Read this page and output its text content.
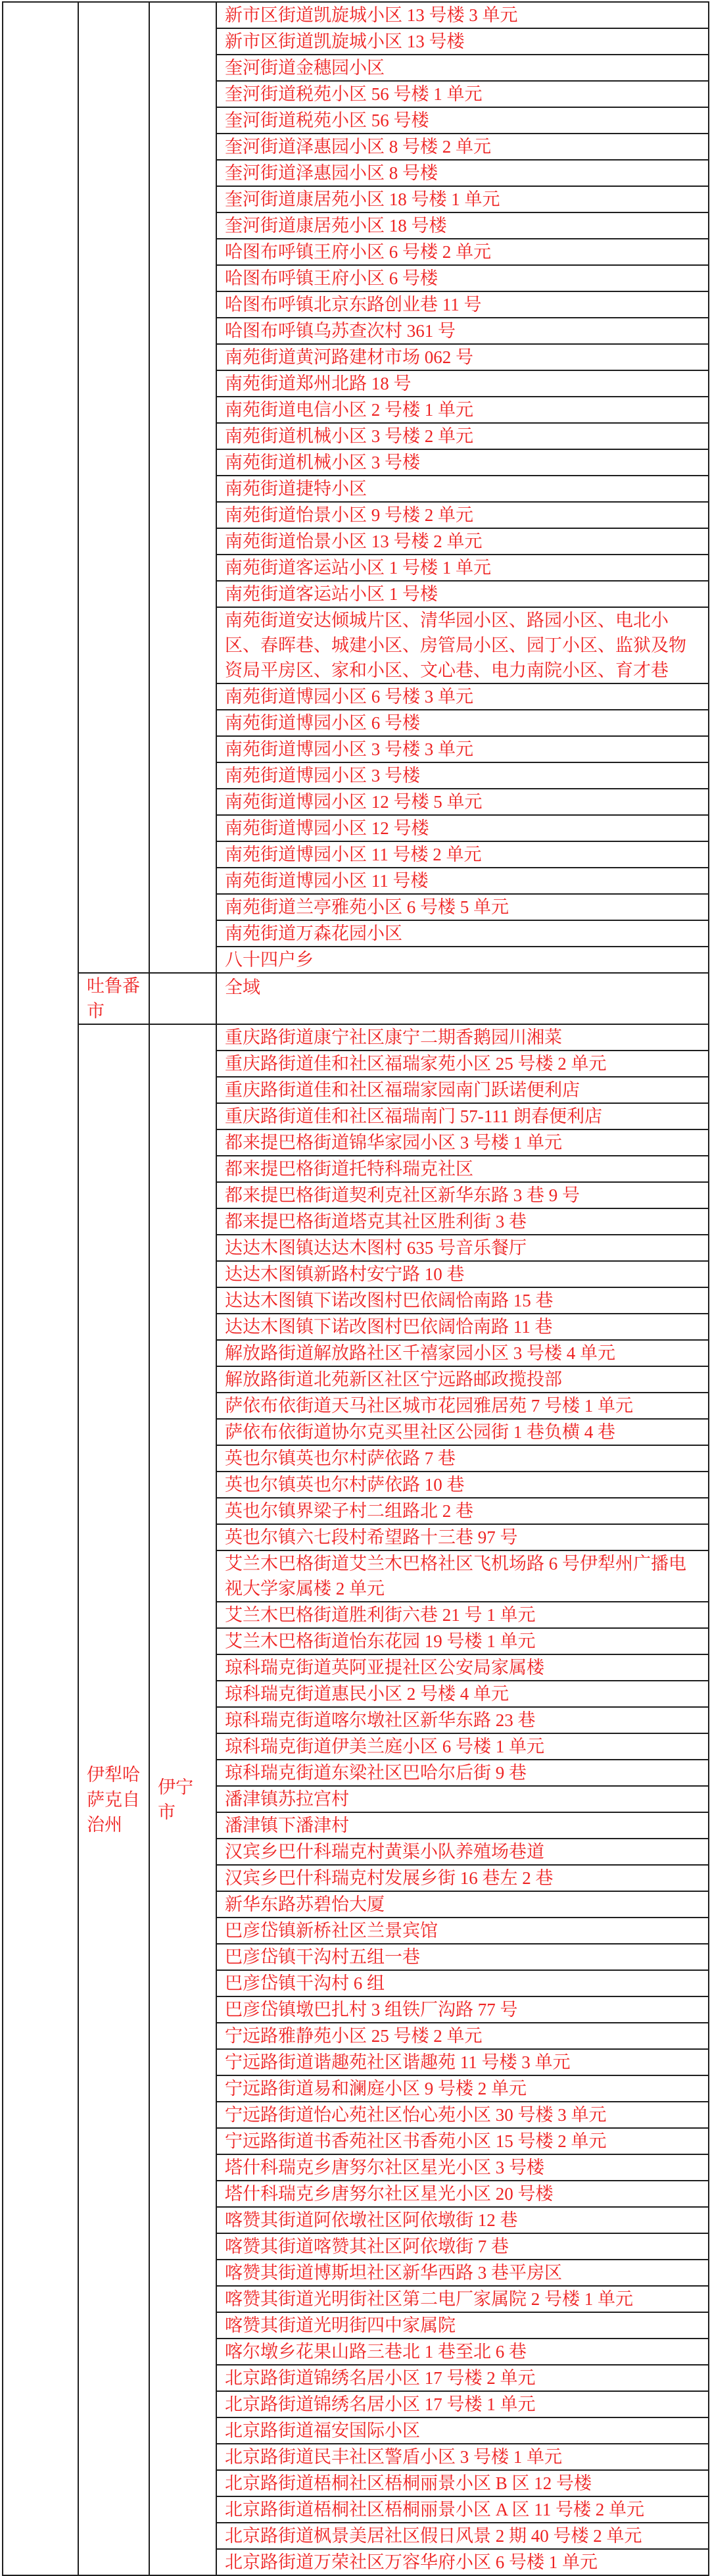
			新市区街道凯旋城小区 13 号楼 3 单元
			新市区街道凯旋城小区 13 号楼
			奎河街道金穗园小区
			奎河街道税苑小区 56 号楼 1 单元
			奎河街道税苑小区 56 号楼
			奎河街道泽惠园小区 8 号楼 2 单元
			奎河街道泽惠园小区 8 号楼
			奎河街道康居苑小区 18 号楼 1 单元
			奎河街道康居苑小区 18 号楼
			哈图布呼镇王府小区 6 号楼 2 单元
			哈图布呼镇王府小区 6 号楼
			哈图布呼镇北京东路创业巷 11 号
			哈图布呼镇乌苏查次村 361 号
			南苑街道黄河路建材市场 062 号
			南苑街道郑州北路 18 号
			南苑街道电信小区 2 号楼 1 单元
			南苑街道机械小区 3 号楼 2 单元
			南苑街道机械小区 3 号楼
			南苑街道捷特小区
			南苑街道怡景小区 9 号楼 2 单元
			南苑街道怡景小区 13 号楼 2 单元
			南苑街道客运站小区 1 号楼 1 单元
			南苑街道客运站小区 1 号楼
			南苑街道安达倾城片区、清华园小区、路园小区、电北小区、春晖巷、城建小区、房管局小区、园丁小区、监狱及物资局平房区、家和小区、文心巷、电力南院小区、育才巷
			南苑街道博园小区 6 号楼 3 单元
			南苑街道博园小区 6 号楼
			南苑街道博园小区 3 号楼 3 单元
			南苑街道博园小区 3 号楼
			南苑街道博园小区 12 号楼 5 单元
			南苑街道博园小区 12 号楼
			南苑街道博园小区 11 号楼 2 单元
			南苑街道博园小区 11 号楼
			南苑街道兰亭雅苑小区 6 号楼 5 单元
			南苑街道万森花园小区
			八十四户乡
	吐鲁番市		全域
	伊犁哈萨克自治州	伊宁市	重庆路街道康宁社区康宁二期香鹅园川湘菜
			重庆路街道佳和社区福瑞家苑小区 25 号楼 2 单元
			重庆路街道佳和社区福瑞家园南门跃诺便利店
			重庆路街道佳和社区福瑞南门 57-111 朗春便利店
			都来提巴格街道锦华家园小区 3 号楼 1 单元
			都来提巴格街道托特科瑞克社区
			都来提巴格街道契利克社区新华东路 3 巷 9 号
			都来提巴格街道塔克其社区胜利街 3 巷
			达达木图镇达达木图村 635 号音乐餐厅
			达达木图镇新路村安宁路 10 巷
			达达木图镇下诺改图村巴依阔恰南路 15 巷
			达达木图镇下诺改图村巴依阔恰南路 11 巷
			解放路街道解放路社区千禧家园小区 3 号楼 4 单元
			解放路街道北苑新区社区宁远路邮政揽投部
			萨依布依街道天马社区城市花园雅居苑 7 号楼 1 单元
			萨依布依街道协尔克买里社区公园街 1 巷负横 4 巷
			英也尔镇英也尔村萨依路 7 巷
			英也尔镇英也尔村萨依路 10 巷
			英也尔镇界梁子村二组路北 2 巷
			英也尔镇六七段村希望路十三巷 97 号
			艾兰木巴格街道艾兰木巴格社区飞机场路 6 号伊犁州广播电视大学家属楼 2 单元
			艾兰木巴格街道胜利街六巷 21 号 1 单元
			艾兰木巴格街道怡东花园 19 号楼 1 单元
			琼科瑞克街道英阿亚提社区公安局家属楼
			琼科瑞克街道惠民小区 2 号楼 4 单元
			琼科瑞克街道喀尔墩社区新华东路 23 巷
			琼科瑞克街道伊美兰庭小区 6 号楼 1 单元
			琼科瑞克街道东梁社区巴哈尔后街 9 巷
			潘津镇苏拉宫村
			潘津镇下潘津村
			汉宾乡巴什科瑞克村黄渠小队养殖场巷道
			汉宾乡巴什科瑞克村发展乡街 16 巷左 2 巷
			新华东路苏碧怡大厦
			巴彦岱镇新桥社区兰景宾馆
			巴彦岱镇干沟村五组一巷
			巴彦岱镇干沟村 6 组
			巴彦岱镇墩巴扎村 3 组铁厂沟路 77 号
			宁远路雅静苑小区 25 号楼 2 单元
			宁远路街道谐趣苑社区谐趣苑 11 号楼 3 单元
			宁远路街道易和澜庭小区 9 号楼 2 单元
			宁远路街道怡心苑社区怡心苑小区 30 号楼 3 单元
			宁远路街道书香苑社区书香苑小区 15 号楼 2 单元
			塔什科瑞克乡唐努尔社区星光小区 3 号楼
			塔什科瑞克乡唐努尔社区星光小区 20 号楼
			喀赞其街道阿依墩社区阿依墩街 12 巷
			喀赞其街道喀赞其社区阿依墩街 7 巷
			喀赞其街道博斯坦社区新华西路 3 巷平房区
			喀赞其街道光明街社区第二电厂家属院 2 号楼 1 单元
			喀赞其街道光明街四中家属院
			喀尔墩乡花果山路三巷北 1 巷至北 6 巷
			北京路街道锦绣名居小区 17 号楼 2 单元
			北京路街道锦绣名居小区 17 号楼 1 单元
			北京路街道福安国际小区
			北京路街道民丰社区警盾小区 3 号楼 1 单元
			北京路街道梧桐社区梧桐丽景小区 B 区 12 号楼
			北京路街道梧桐社区梧桐丽景小区 A 区 11 号楼 2 单元
			北京路街道枫景美居社区假日风景 2 期 40 号楼 2 单元
			北京路街道万荣社区万容华府小区 6 号楼 1 单元
